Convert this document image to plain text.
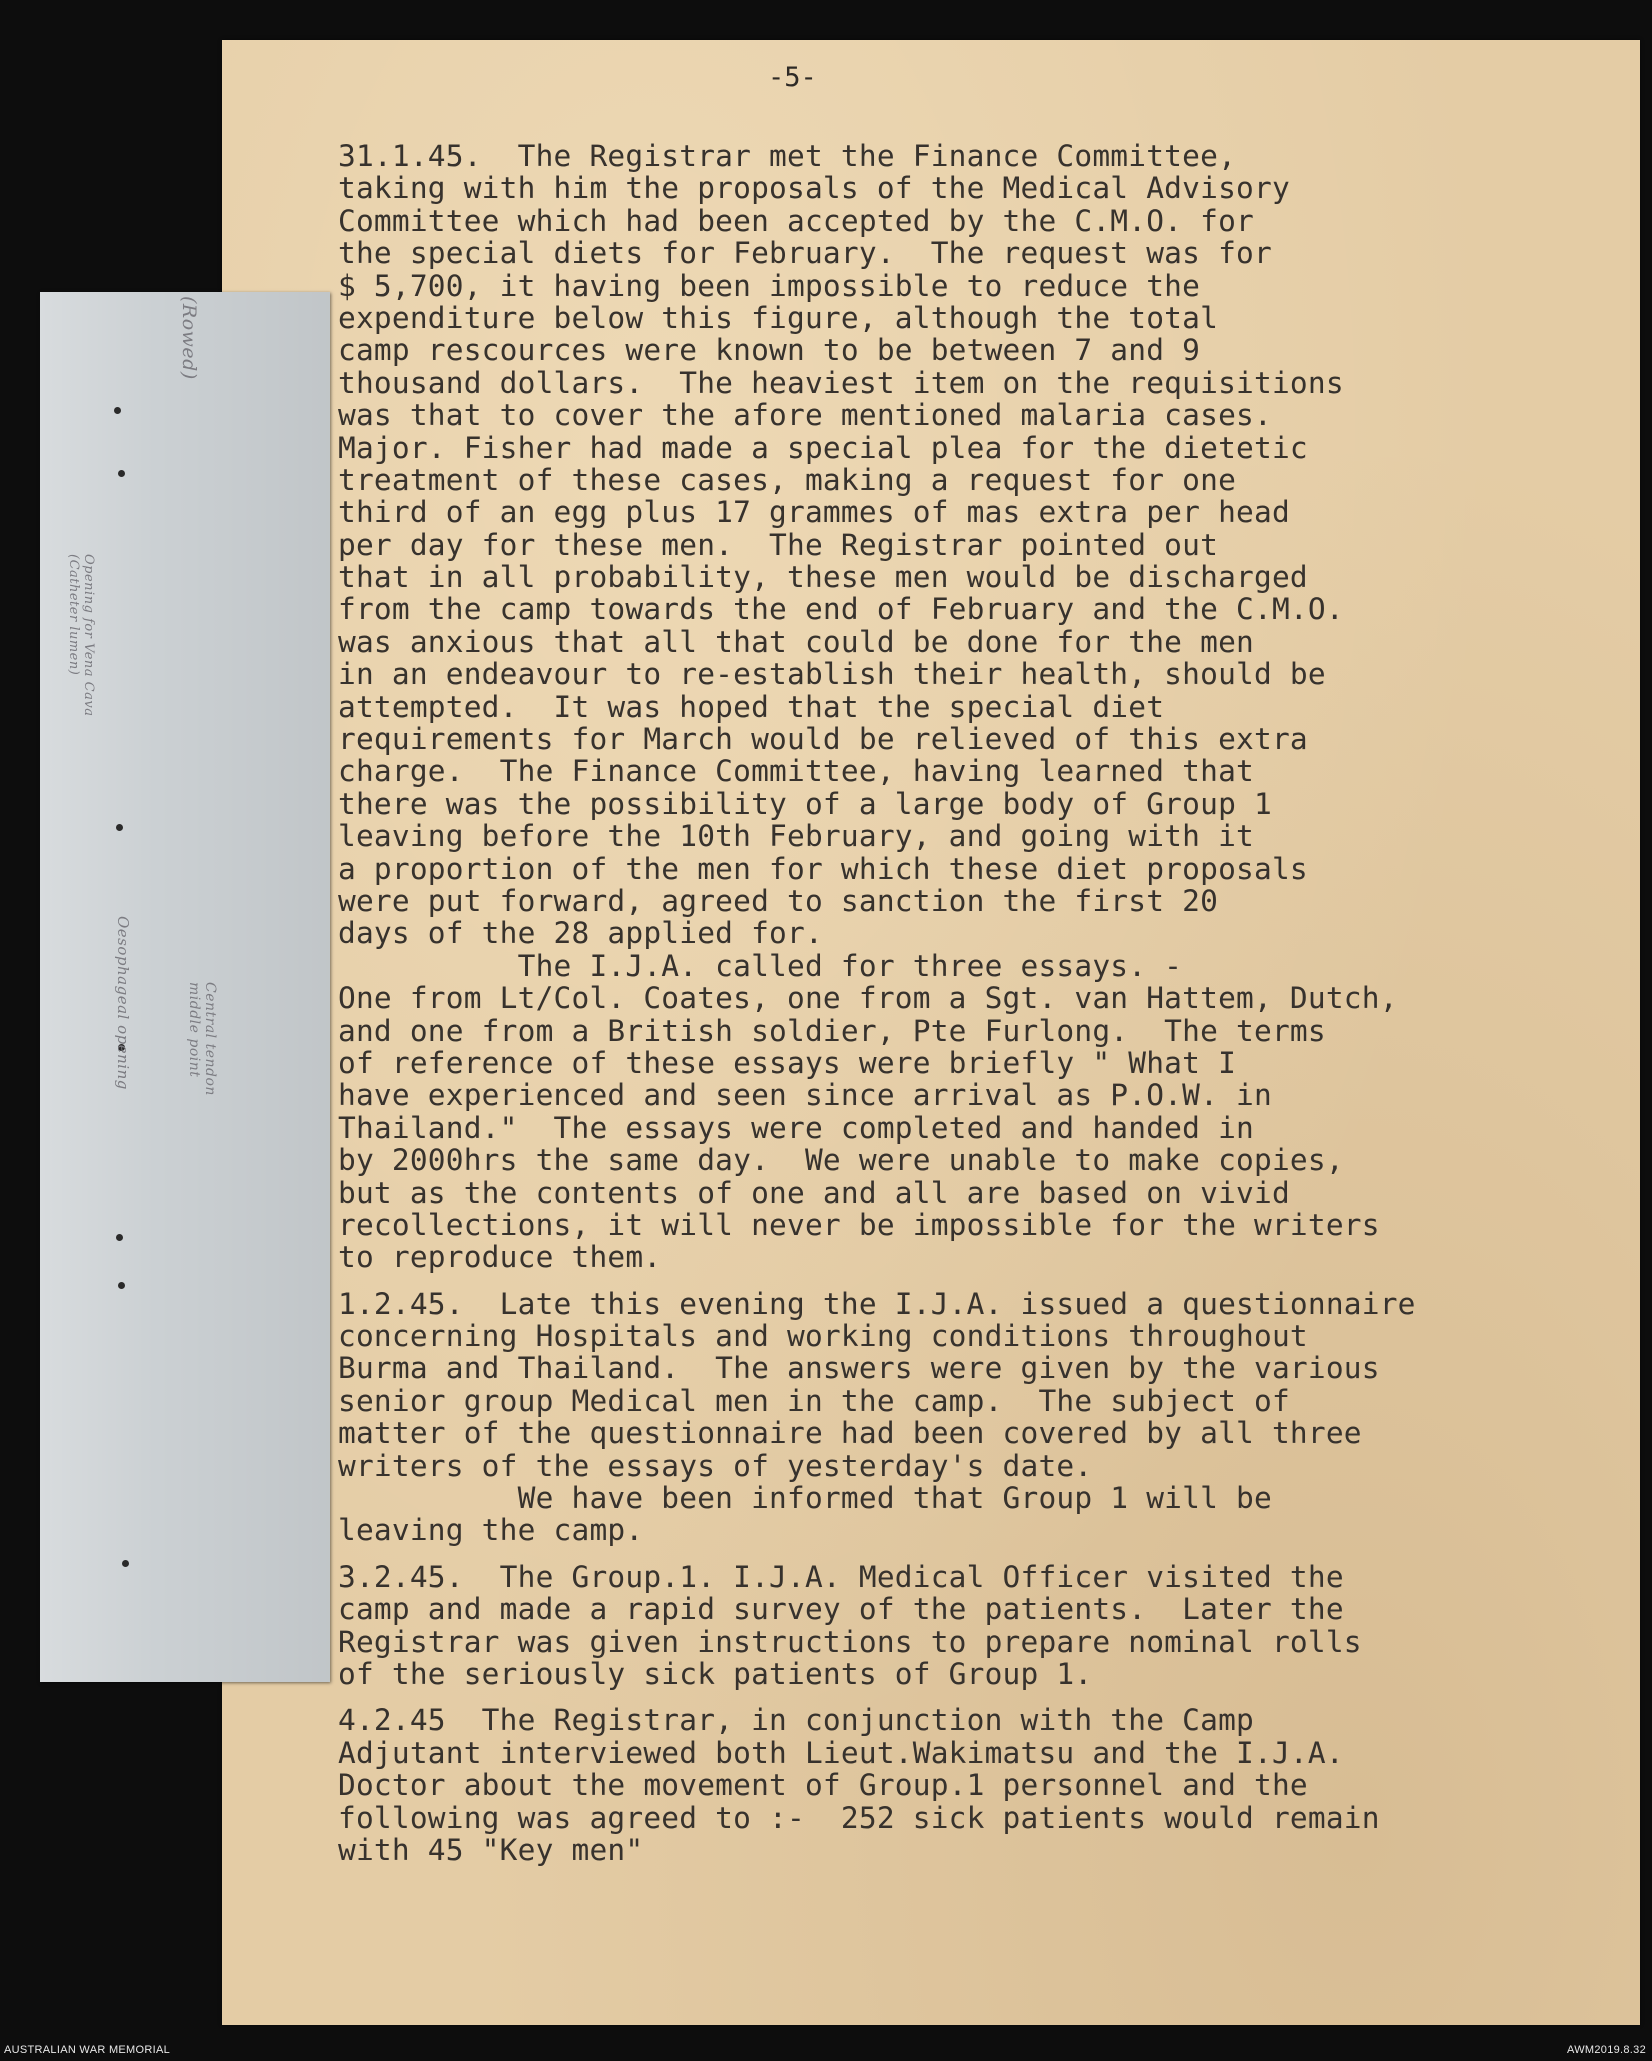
-5-
(Rowed)
Opening for Vena Cava (Catheter lumen)
Oesophageal opening	Central tendon middle point
31.1.45.  The Registrar met the Finance Committee,
taking with him the proposals of the Medical Advisory
Committee which had been accepted by the C.M.O. for
the special diets for February.  The request was for
$ 5,700, it having been impossible to reduce the
expenditure below this figure, although the total
camp rescources were known to be between 7 and 9
thousand dollars.  The heaviest item on the requisitions
was that to cover the afore mentioned malaria cases.
Major. Fisher had made a special plea for the dietetic
treatment of these cases, making a request for one
third of an egg plus 17 grammes of mas extra per head
per day for these men.  The Registrar pointed out
that in all probability, these men would be discharged
from the camp towards the end of February and the C.M.O.
was anxious that all that could be done for the men
in an endeavour to re-establish their health, should be
attempted.  It was hoped that the special diet
requirements for March would be relieved of this extra
charge.  The Finance Committee, having learned that
there was the possibility of a large body of Group 1
leaving before the 10th February, and going with it
a proportion of the men for which these diet proposals
were put forward, agreed to sanction the first 20
days of the 28 applied for.
The I.J.A. called for three essays. -
One from Lt/Col. Coates, one from a Sgt. van Hattem, Dutch,
and one from a British soldier, Pte Furlong.  The terms
of reference of these essays were briefly " What I
have experienced and seen since arrival as P.O.W. in
Thailand."  The essays were completed and handed in
by 2000hrs the same day.  We were unable to make copies,
but as the contents of one and all are based on vivid
recollections, it will never be impossible for the writers
to reproduce them.
1.2.45.  Late this evening the I.J.A. issued a questionnaire
concerning Hospitals and working conditions throughout
Burma and Thailand.  The answers were given by the various
senior group Medical men in the camp.  The subject of
matter of the questionnaire had been covered by all three
writers of the essays of yesterday's date.
We have been informed that Group 1 will be
leaving the camp.
3.2.45.  The Group.1. I.J.A. Medical Officer visited the
camp and made a rapid survey of the patients.  Later the
Registrar was given instructions to prepare nominal rolls
of the seriously sick patients of Group 1.
4.2.45  The Registrar, in conjunction with the Camp
Adjutant interviewed both Lieut.Wakimatsu and the I.J.A.
Doctor about the movement of Group.1 personnel and the
following was agreed to :-  252 sick patients would remain
with 45 "Key men"
AUSTRALIAN WAR MEMORIAL	AWM2019.8.32
